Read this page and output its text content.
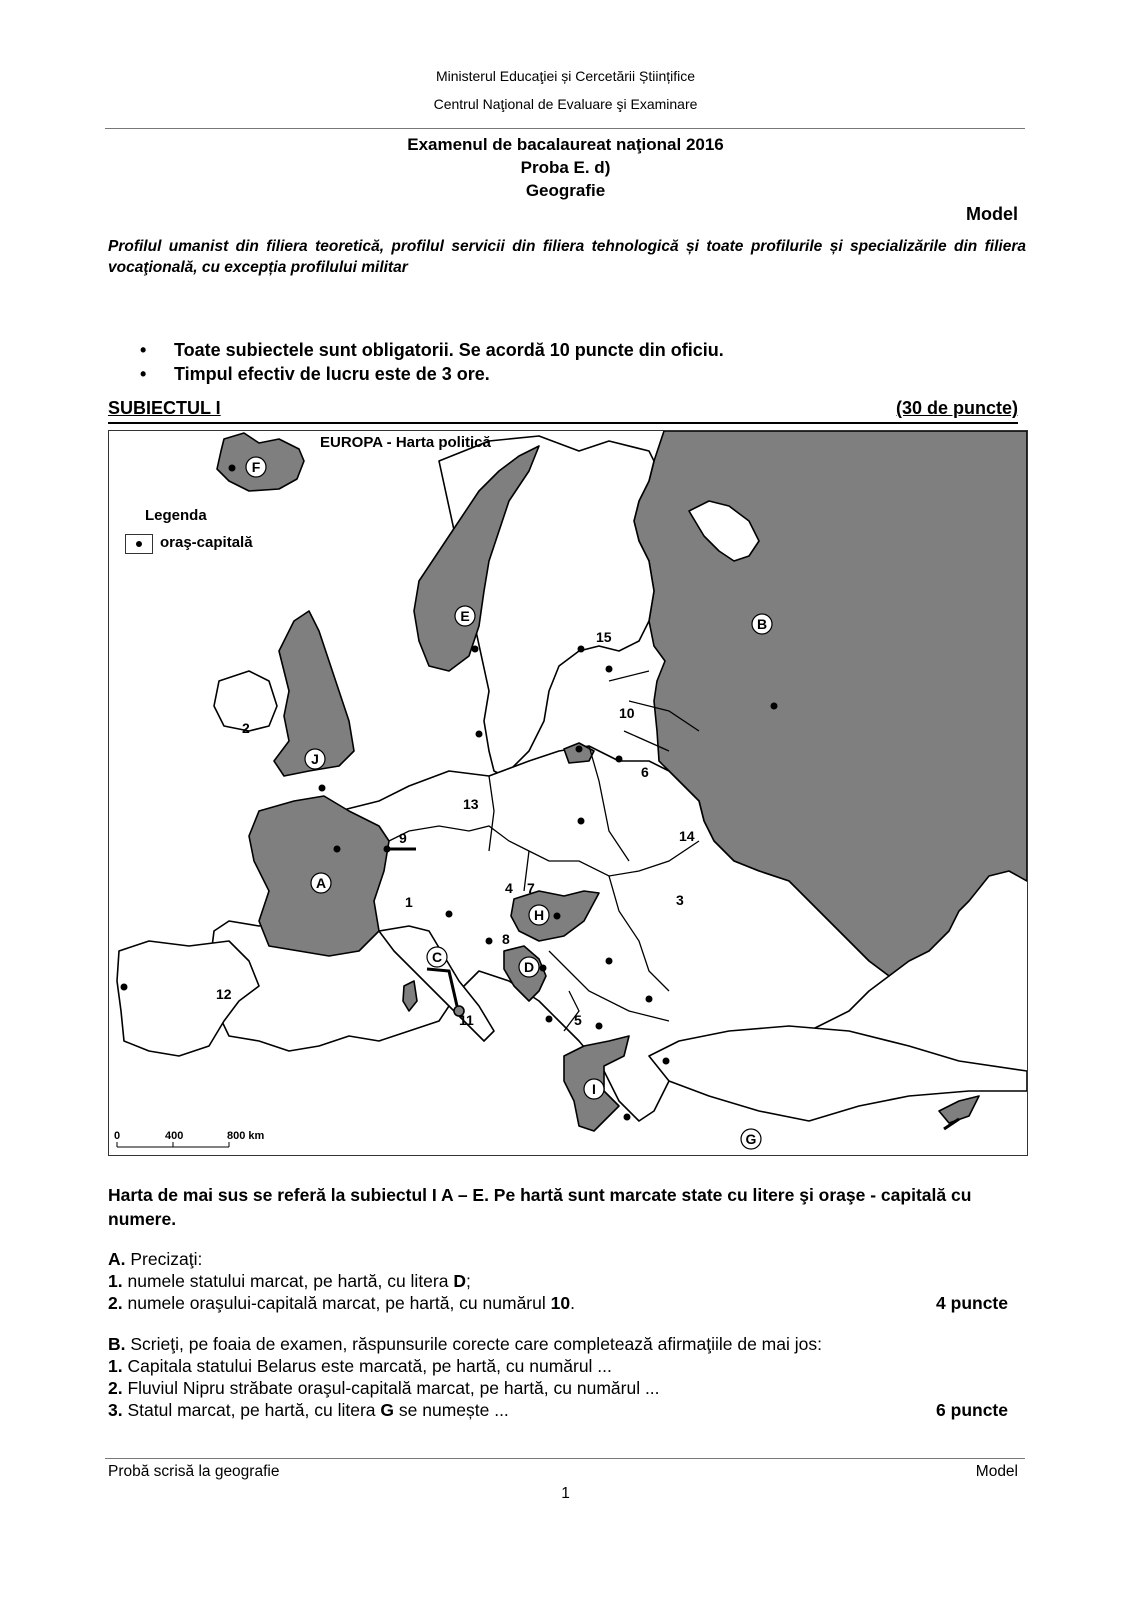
Ministerul Educaţiei și Cercetării Științifice
Centrul Naţional de Evaluare şi Examinare
Examenul de bacalaureat naţional 2016
Proba E. d)
Geografie
Model
Profilul umanist din filiera teoretică, profilul servicii din filiera tehnologică și toate profilurile și specializările din filiera vocaţională, cu excepția profilului militar
• Toate subiectele sunt obligatorii. Se acordă 10 puncte din oficiu.
• Timpul efectiv de lucru este de 3 ore.
SUBIECTUL I	(30 de puncte)
A
B
C
D
E
F
G
H
I
J
1
2
3
4
5
6
7
8
9
10
11
12
13
14
15
0	400	800 km
EUROPA - Harta politică
Legenda
oraş-capitală
Harta de mai sus se referă la subiectul I A – E. Pe hartă sunt marcate state cu litere şi oraşe - capitală cu numere.
A. Precizaţi:
1. numele statului marcat, pe hartă, cu litera D;
2. numele oraşului-capitală marcat, pe hartă, cu numărul 10.	4 puncte
B. Scrieţi, pe foaia de examen, răspunsurile corecte care completează afirmaţiile de mai jos:
1. Capitala statului Belarus este marcată, pe hartă, cu numărul ...
2. Fluviul Nipru străbate oraşul-capitală marcat, pe hartă, cu numărul ...
3. Statul marcat, pe hartă, cu litera G se numește ...	6 puncte
Probă scrisă la geografie	Model
1
